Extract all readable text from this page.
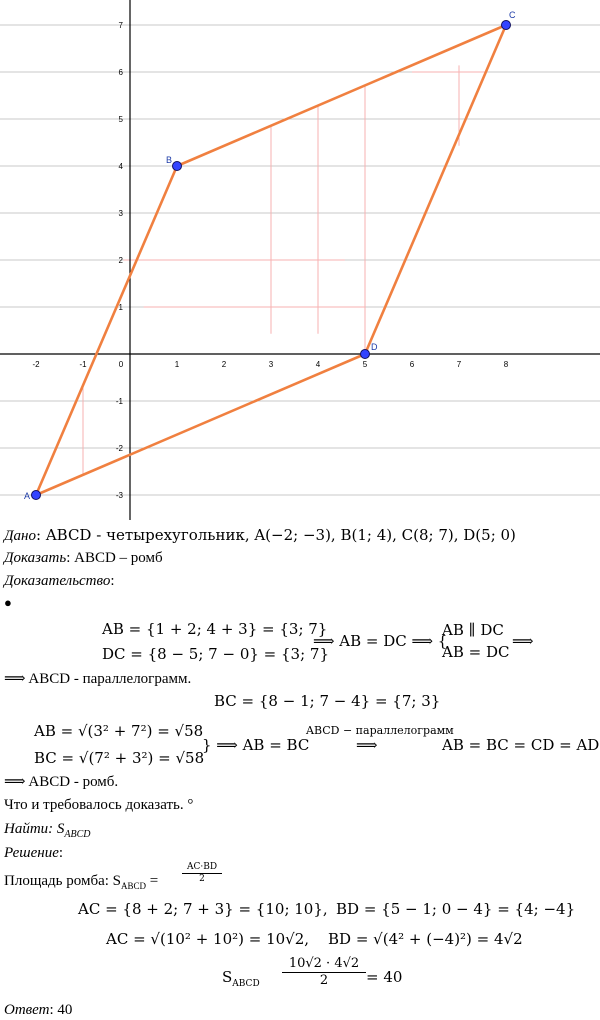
-2	-1	0	1	2	3	4	5	6	7	8
-3
-2
-1
1
2
3
4
5
6
7
A
B
C
D
Дано: ABCD - четырехугольник, A(−2; −3), B(1; 4), C(8; 7), D(5; 0)
Доказать: ABCD – ромб
Доказательство:
●
AB = {1 + 2; 4 + 3} = {3; 7}
DC = {8 − 5; 7 − 0} = {3; 7}
⟹ AB = DC ⟹ {
AB ∥ DC
AB = DC
⟹
⟹ ABCD - параллелограмм.
BC = {8 − 1; 7 − 4} = {7; 3}
AB = √(3² + 7²) = √58
BC = √(7² + 3²) = √58
} ⟹ AB = BC
ABCD − параллелограмм
⟹	AB = BC = CD = AD
⟹ ABCD - ромб.
Что и требовалось доказать. °
Найти: $S_{ABCD}$
Решение:
Площадь ромба: $S_{ABCD}$ =	$\frac{AC\cdot BD}{2}$
AC = {8 + 2; 7 + 3} = {10; 10}, BD = {5 − 1; 0 − 4} = {4; −4}
AC = √(10² + 10²) = 10√2, BD = √(4² + (−4)²) = 4√2
$S_{ABCD} \frac{10√2 \cdot 4√2}{2} = 40$
Ответ: 40
